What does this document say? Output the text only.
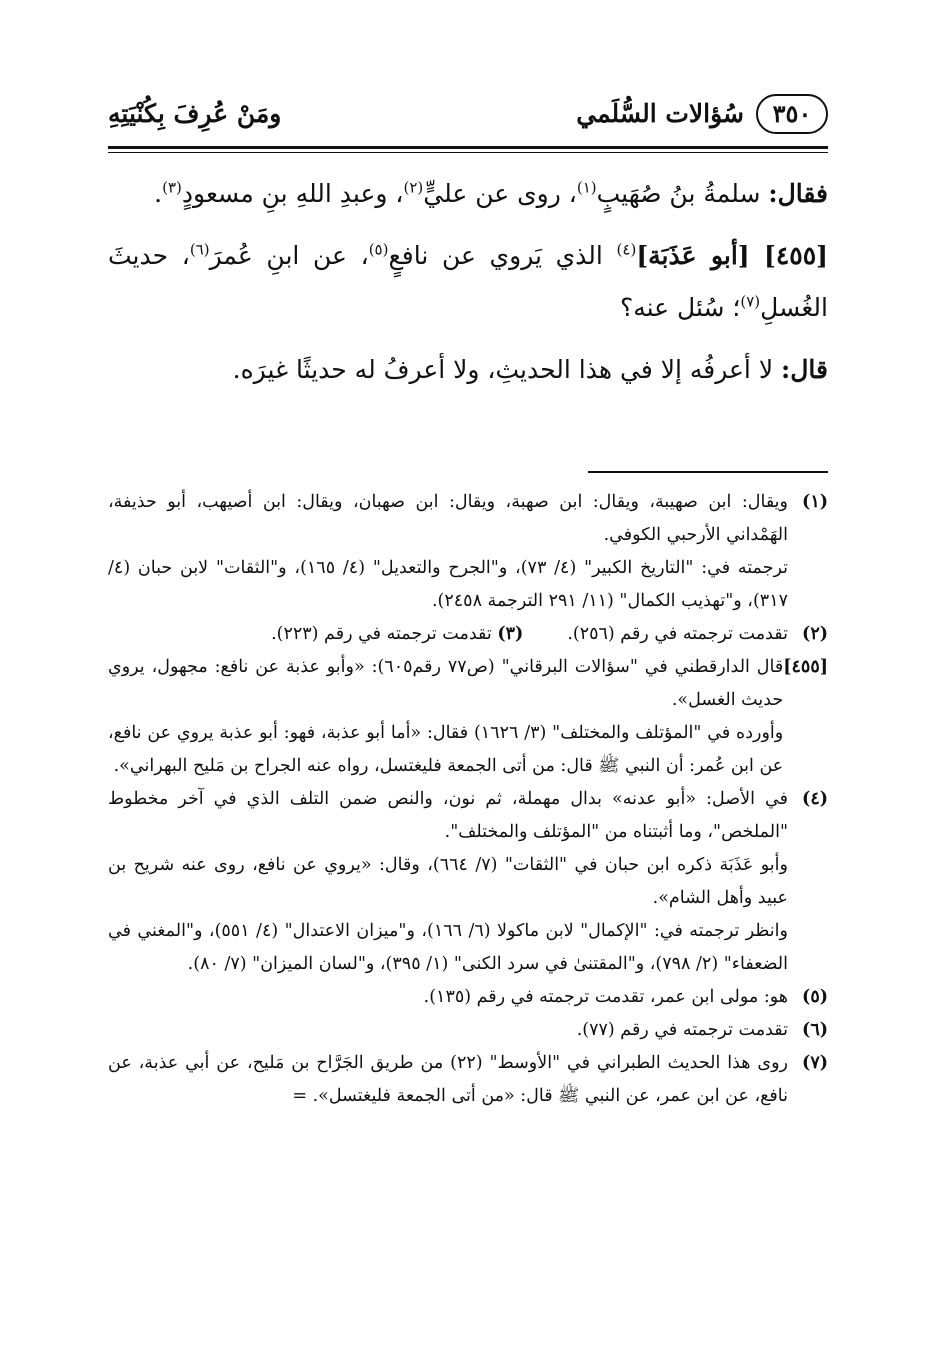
٣٥٠
سُؤالات السُّلَمي
ومَنْ عُرِفَ بِكُنْيَتِهِ

فقال: سلمةُ بنُ صُهَيبٍ$^{(١)}$، روى عن عليٍّ$^{(٢)}$، وعبدِ اللهِ بنِ مسعودٍ$^{(٣)}$.

[٤٥٥] [أبو عَذَبَة]$^{(٤)}$ الذي يَروي عن نافعٍ$^{(٥)}$، عن ابنِ عُمرَ$^{(٦)}$، حديثَ الغُسلِ$^{(٧)}$؛ سُئل عنه؟

قال: لا أعرفُه إلا في هذا الحديثِ، ولا أعرفُ له حديثًا غيرَه.

(١)

ويقال: ابن صهيبة، ويقال: ابن صهبة، ويقال: ابن صهبان، ويقال: ابن أصيهب، أبو حذيفة، الهَمْداني الأرحبي الكوفي.

ترجمته في: "التاريخ الكبير" (٤/ ٧٣)، و"الجرح والتعديل" (٤/ ١٦٥)، و"الثقات" لابن حبان (٤/ ٣١٧)، و"تهذيب الكمال" (١١/ ٢٩١ الترجمة ٢٤٥٨).

(٢)
تقدمت ترجمته في رقم (٢٥٦).
(٣) تقدمت ترجمته في رقم (٢٢٣).
[٤٥٥]

قال الدارقطني في "سؤالات البرقاني" (ص٧٧ رقم٦٠٥): «وأبو عذبة عن نافع: مجهول، يروي حديث الغسل».

وأورده في "المؤتلف والمختلف" (٣/ ١٦٢٦) فقال: «أما أبو عذبة، فهو: أبو عذبة يروي عن نافع، عن ابن عُمر: أن النبي ﷺ قال: من أتى الجمعة فليغتسل، رواه عنه الجراح بن مَليح البهراني».

(٤)

في الأصل: «أبو عدنه» بدال مهملة، ثم نون، والنص ضمن التلف الذي في آخر مخطوط "الملخص"، وما أثبتناه من "المؤتلف والمختلف".

وأبو عَذَبَة ذكره ابن حبان في "الثقات" (٧/ ٦٦٤)، وقال: «يروي عن نافع، روى عنه شريح بن عبيد وأهل الشام».

وانظر ترجمته في: "الإكمال" لابن ماكولا (٦/ ١٦٦)، و"ميزان الاعتدال" (٤/ ٥٥١)، و"المغني في الضعفاء" (٢/ ٧٩٨)، و"المقتنىٰ في سرد الكنى" (١/ ٣٩٥)، و"لسان الميزان" (٧/ ٨٠).

(٥)

هو: مولى ابن عمر، تقدمت ترجمته في رقم (١٣٥).

(٦)

تقدمت ترجمته في رقم (٧٧).

(٧)

روى هذا الحديث الطبراني في "الأوسط" (٢٢) من طريق الجَرَّاح بن مَليح، عن أبي عذبة، عن نافع، عن ابن عمر، عن النبي ﷺ قال: «من أتى الجمعة فليغتسل». =
